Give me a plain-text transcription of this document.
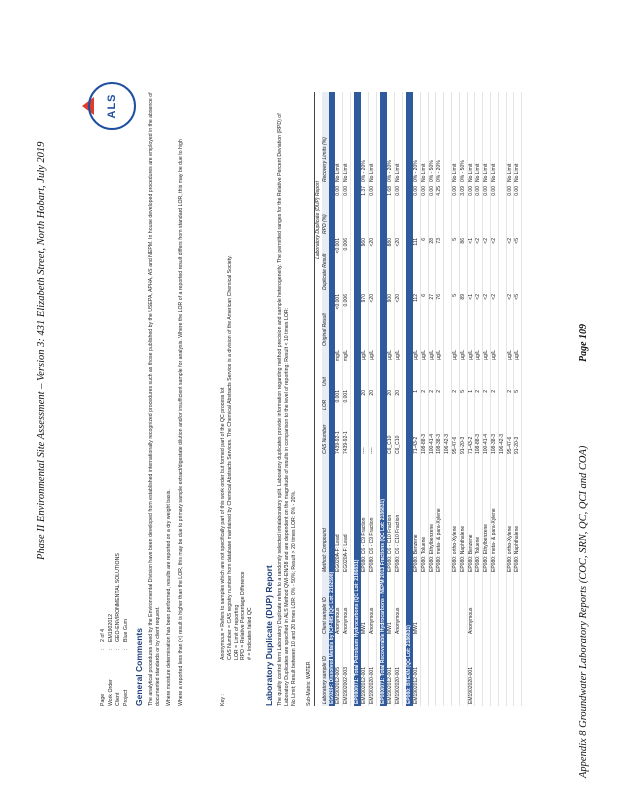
Phase II Environmental Site Assessment – Version 3: 431 Elizabeth Street, North Hobart, July 2019	Page 109
Appendix 8 Groundwater Laboratory Reports (COC, SRN, QC, QCI and COA)
Page
:
2 of 4
Work Order
:
EM1902012
Client
:
GEO-ENVIRONMENTAL SOLUTIONS
Project
:
Blue Gum
ALS
General Comments The analytical procedures used by the Environmental Division have been developed from established internationally recognized procedures such as those published by the USEPA, APHA, AS and NEPM. In house developed procedures are employed in the absence of documented standards or by client request. Where moisture determination has been performed, results are reported on a dry weight basis. Where a reported less than (<) result is higher than the LOR, this may be due to primary sample extract/digestate dilution and/or insufficient sample for analysis. Where the LOR of a reported result differs from standard LOR, this may be due to high	Key :
Anonymous = Refers to samples which are not specifically part of this work order but formed part of the QC process lot CAS Number = CAS registry number from database maintained by Chemical Abstracts Services. The Chemical Abstracts Service is a division of the American Chemical Society. LOR = Limit of reporting RPD = Relative Percentage Difference # = Indicates failed QC Laboratory Duplicate (DUP) Report The quality control term Laboratory Duplicate refers to a randomly selected intralaboratory split. Laboratory duplicates provide information regarding method precision and sample heterogeneity. The permitted ranges for the Relative Percent Deviation (RPD) of Laboratory Duplicates are specified in ALS Method QWI-EN/38 and are dependent on the magnitude of results in comparison to the level of reporting: Result < 10 times LOR: No Limit; Result between 10 and 20 times LOR: 0% - 50%; Result > 20 times LOR: 0% - 20%. Sub-Matrix: WATER
						Laboratory Duplicate (DUP) Report			
Laboratory sample ID	Client sample ID	Method: Compound	CAS Number	LOR	Unit	Original Result	Duplicate Result	RPD (%)	Recovery Limits (%)
EG020F: Dissolved Metals by ICP-MS (QC Lot: 2192598)									
EM1902012-005	Anonymous	EG020A-F: Lead	7439-92-1	0.001	mg/L	<0.001	<0.001	0.00	No Limit
EM1902002-003	Anonymous	EG020A-F: Lead	7439-92-1	0.001	mg/L	0.006	0.006	0.00	No Limit

EP080/071: Total Petroleum Hydrocarbons (QC Lot: 2186831)									
EM1902012-001	MW1	EP080: C6 - C9 Fraction	----	20	µg/L	970	960	1.37	0% - 20%
EM1902020-001	Anonymous	EP080: C6 - C9 Fraction	----	20	µg/L	<20	<20	0.00	No Limit

EP080/071: Total Recoverable Hydrocarbons - NEPM 2013 Fractions (QC Lot: 2186831)									
EM1902012-001	MW1	EP080: C6 - C10 Fraction	C6_C10	20	µg/L	900	880	1.68	0% - 20%
EM1902020-001	Anonymous	EP080: C6 - C10 Fraction	C6_C10	20	µg/L	<20	<20	0.00	No Limit

EP080: BTEXN (QC Lot: 2186831)									
EM1902012-001	MW1	EP080: Benzene	71-43-2	1	µg/L	112	111	0.00	0% - 20%
		EP080: Toluene	108-88-3	2	µg/L	6	6	0.00	No Limit
		EP080: Ethylbenzene	100-41-4	2	µg/L	27	28	0.00	0% - 50%
		EP080: meta- & para-Xylene	108-38-3	2	µg/L	76	73	4.25	0% - 20%
			106-42-3						
		EP080: ortho-Xylene	95-47-6	2	µg/L	5	5	0.00	No Limit
		EP080: Naphthalene	91-20-3	5	µg/L	89	86	3.09	0% - 50%
EM1902020-001	Anonymous	EP080: Benzene	71-43-2	1	µg/L	<1	<1	0.00	No Limit
		EP080: Toluene	108-88-3	2	µg/L	<2	<2	0.00	No Limit
		EP080: Ethylbenzene	100-41-4	2	µg/L	<2	<2	0.00	No Limit
		EP080: meta- & para-Xylene	108-38-3	2	µg/L	<2	<2	0.00	No Limit
			106-42-3						
		EP080: ortho-Xylene	95-47-6	2	µg/L	<2	<2	0.00	No Limit
		EP080: Naphthalene	91-20-3	5	µg/L	<5	<5	0.00	No Limit
